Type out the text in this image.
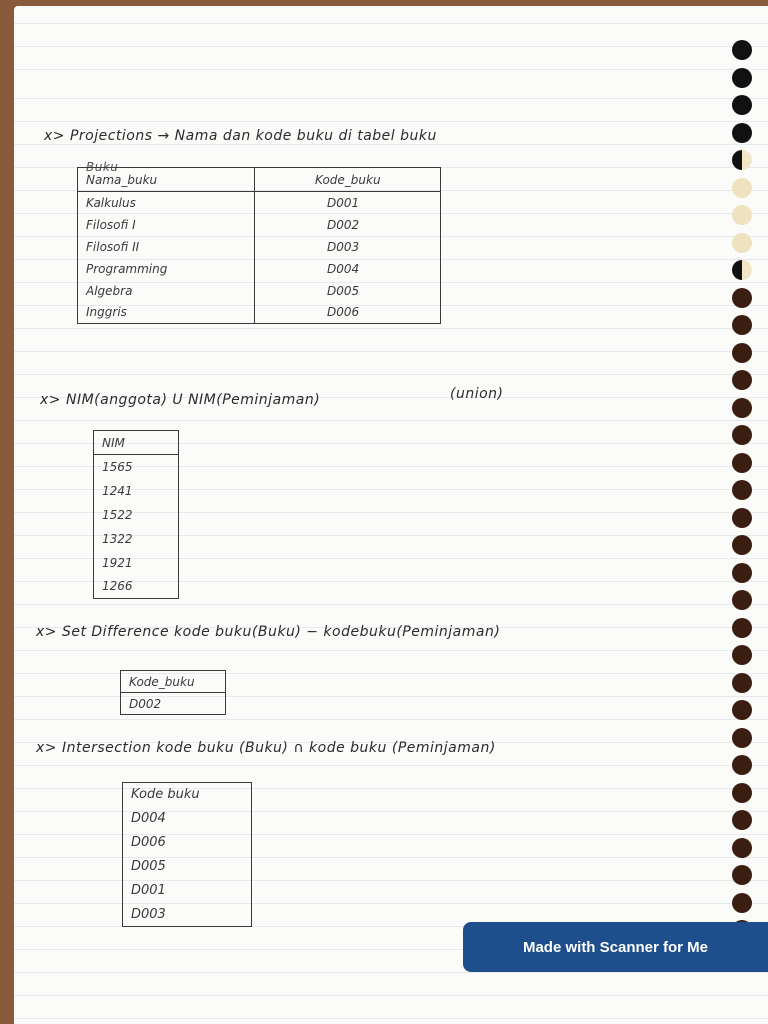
x> Projections → Nama dan kode buku di tabel buku
Buku
Nama_buku	Kode_buku
Kalkulus	D001
Filosofi I	D002
Filosofi II	D003
Programming	D004
Algebra	D005
Inggris	D006
x> NIM(anggota) U NIM(Peminjaman)	(union)
NIM
1565
1241
1522
1322
1921
1266
x> Set Difference kode buku(Buku) − kodebuku(Peminjaman)
Kode_buku
D002
x> Intersection kode buku (Buku) ∩ kode buku (Peminjaman)
Kode buku
D004
D006
D005
D001
D003
Made with Scanner for Me
